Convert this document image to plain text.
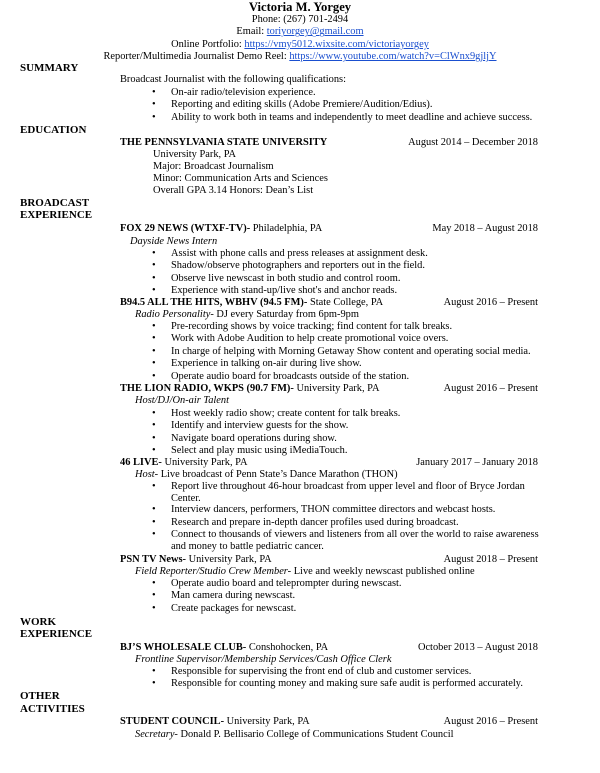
Victoria M. Yorgey
Phone: (267) 701-2494
Email: toriyorgey@gmail.com
Online Portfolio: https://vmy5012.wixsite.com/victoriayorgey
Reporter/Multimedia Journalist Demo Reel: https://www.youtube.com/watch?v=ClWnx9gjljY
SUMMARY
Broadcast Journalist with the following qualifications:
• On-air radio/television experience.
• Reporting and editing skills (Adobe Premiere/Audition/Edius).
• Ability to work both in teams and independently to meet deadline and achieve success.
EDUCATION
THE PENNSYLVANIA STATE UNIVERSITY	August 2014 – December 2018
University Park, PA
Major: Broadcast Journalism
Minor: Communication Arts and Sciences
Overall GPA 3.14 Honors: Dean’s List
BROADCAST
EXPERIENCE
FOX 29 NEWS (WTXF-TV)- Philadelphia, PA	May 2018 – August 2018
Dayside News Intern
• Assist with phone calls and press releases at assignment desk.
• Shadow/observe photographers and reporters out in the field.
• Observe live newscast in both studio and control room.
• Experience with stand-up/live shot's and anchor reads.
B94.5 ALL THE HITS, WBHV (94.5 FM)- State College, PA	August 2016 – Present
Radio Personality- DJ every Saturday from 6pm-9pm
• Pre-recording shows by voice tracking; find content for talk breaks.
• Work with Adobe Audition to help create promotional voice overs.
• In charge of helping with Morning Getaway Show content and operating social media.
• Experience in talking on-air during live show.
• Operate audio board for broadcasts outside of the station.
THE LION RADIO, WKPS (90.7 FM)- University Park, PA	August 2016 – Present
Host/DJ/On-air Talent
• Host weekly radio show; create content for talk breaks.
• Identify and interview guests for the show.
• Navigate board operations during show.
• Select and play music using iMediaTouch.
46 LIVE- University Park, PA	January 2017 – January 2018
Host- Live broadcast of Penn State’s Dance Marathon (THON)
• Report live throughout 46-hour broadcast from upper level and floor of Bryce Jordan Center.
• Interview dancers, performers, THON committee directors and webcast hosts.
• Research and prepare in-depth dancer profiles used during broadcast.
• Connect to thousands of viewers and listeners from all over the world to raise awareness and money to battle pediatric cancer.
PSN TV News- University Park, PA	August 2018 – Present
Field Reporter/Studio Crew Member- Live and weekly newscast published online
• Operate audio board and teleprompter during newscast.
• Man camera during newscast.
• Create packages for newscast.
WORK
EXPERIENCE
BJ’S WHOLESALE CLUB- Conshohocken, PA	October 2013 – August 2018
Frontline Supervisor/Membership Services/Cash Office Clerk
• Responsible for supervising the front end of club and customer services.
• Responsible for counting money and making sure safe audit is performed accurately.
OTHER
ACTIVITIES
STUDENT COUNCIL- University Park, PA	August 2016 – Present
Secretary- Donald P. Bellisario College of Communications Student Council
